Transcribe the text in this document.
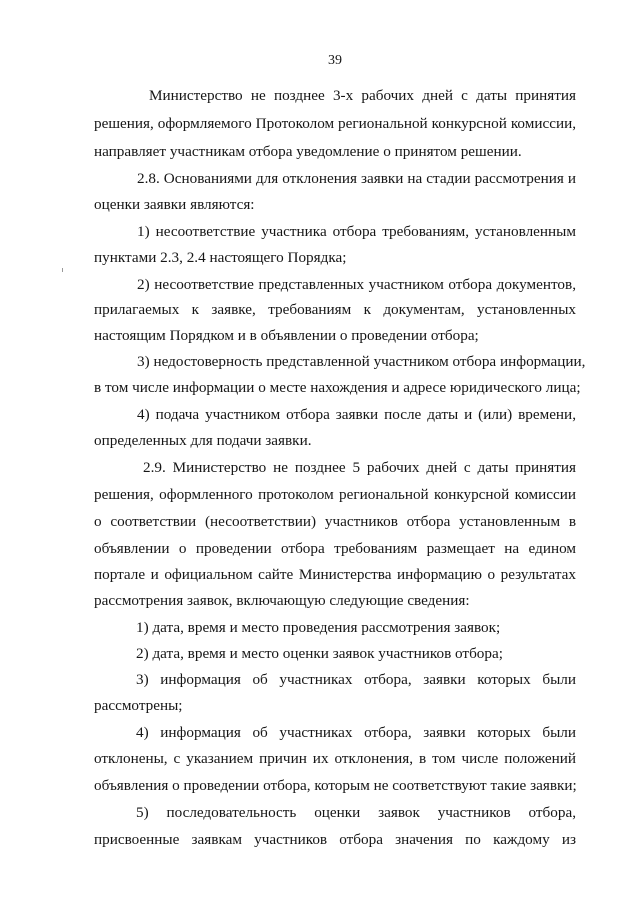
39
Министерство не позднее 3-х рабочих дней с даты принятия
решения, оформляемого Протоколом региональной конкурсной комиссии,
направляет участникам отбора уведомление о принятом решении.
2.8. Основаниями для отклонения заявки на стадии рассмотрения и
оценки заявки являются:
1) несоответствие участника отбора требованиям, установленным
пунктами 2.3, 2.4 настоящего Порядка;
2) несоответствие представленных участником отбора документов,
прилагаемых к заявке, требованиям к документам, установленных
настоящим Порядком и в объявлении о проведении отбора;
3) недостоверность представленной участником отбора информации,
в том числе информации о месте нахождения и адресе юридического лица;
4) подача участником отбора заявки после даты и (или) времени,
определенных для подачи заявки.
2.9. Министерство не позднее 5 рабочих дней с даты принятия
решения, оформленного протоколом региональной конкурсной комиссии
о соответствии (несоответствии) участников отбора установленным в
объявлении о проведении отбора требованиям размещает на едином
портале и официальном сайте Министерства информацию о результатах
рассмотрения заявок, включающую следующие сведения:
1) дата, время и место проведения рассмотрения заявок;
2) дата, время и место оценки заявок участников отбора;
3) информация об участниках отбора, заявки которых были
рассмотрены;
4) информация об участниках отбора, заявки которых были
отклонены, с указанием причин их отклонения, в том числе положений
объявления о проведении отбора, которым не соответствуют такие заявки;
5) последовательность оценки заявок участников отбора,
присвоенные заявкам участников отбора значения по каждому из
